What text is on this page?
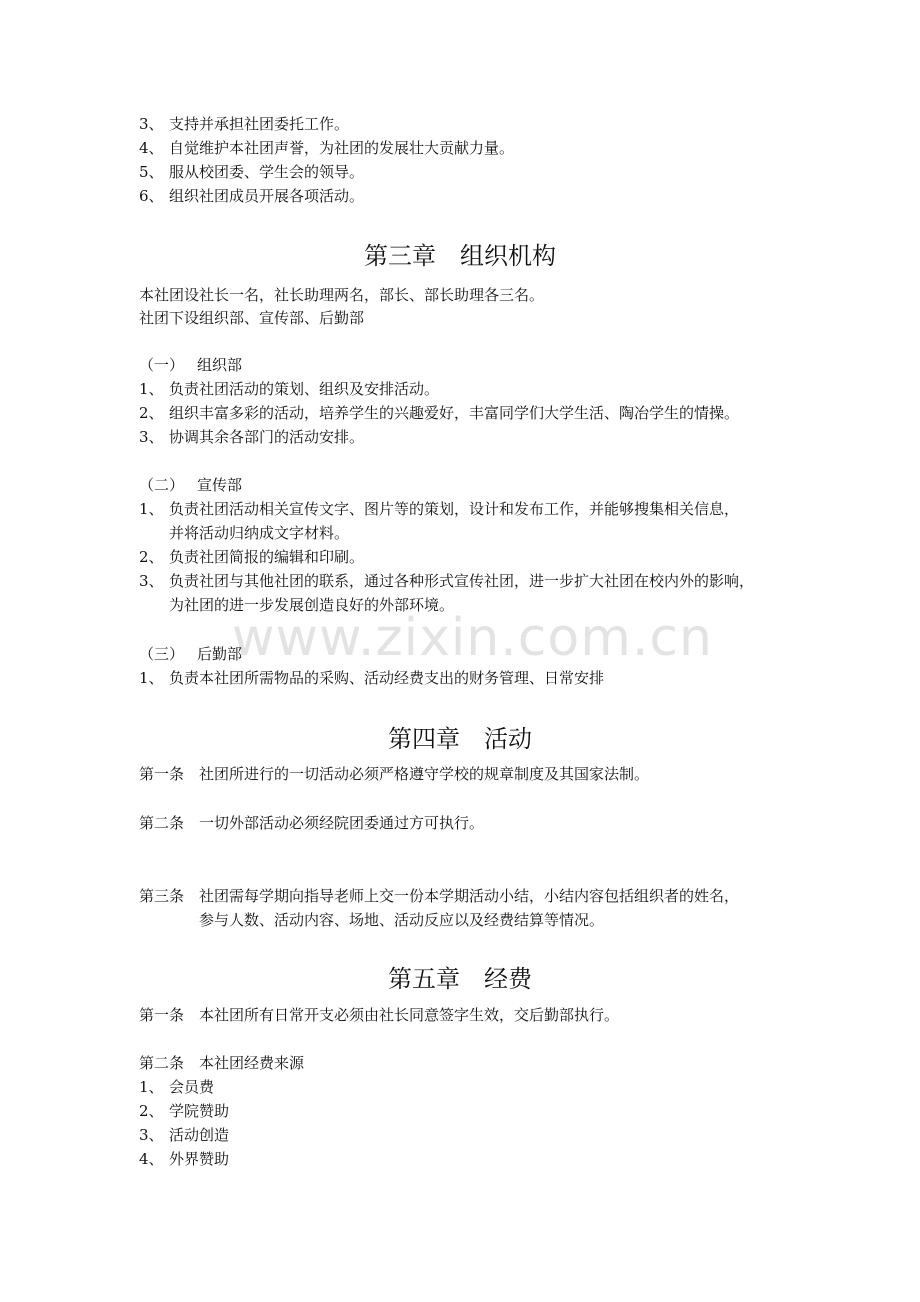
www.zixin.com.cn
3、 支持并承担社团委托工作。
4、 自觉维护本社团声誉，为社团的发展壮大贡献力量。
5、 服从校团委、学生会的领导。
6、 组织社团成员开展各项活动。
第三章 组织机构
本社团设社长一名，社长助理两名，部长、部长助理各三名。
社团下设组织部、宣传部、后勤部
（一） 组织部
1、 负责社团活动的策划、组织及安排活动。
2、 组织丰富多彩的活动，培养学生的兴趣爱好，丰富同学们大学生活、陶冶学生的情操。
3、 协调其余各部门的活动安排。
（二） 宣传部
1、 负责社团活动相关宣传文字、图片等的策划，设计和发布工作，并能够搜集相关信息，
并将活动归纳成文字材料。
2、 负责社团简报的编辑和印刷。
3、 负责社团与其他社团的联系，通过各种形式宣传社团，进一步扩大社团在校内外的影响，
为社团的进一步发展创造良好的外部环境。
（三） 后勤部
1、 负责本社团所需物品的采购、活动经费支出的财务管理、日常安排
第四章 活动
第一条 社团所进行的一切活动必须严格遵守学校的规章制度及其国家法制。
第二条 一切外部活动必须经院团委通过方可执行。
第三条 社团需每学期向指导老师上交一份本学期活动小结，小结内容包括组织者的姓名，
参与人数、活动内容、场地、活动反应以及经费结算等情况。
第五章 经费
第一条 本社团所有日常开支必须由社长同意签字生效，交后勤部执行。
第二条 本社团经费来源
1、 会员费
2、 学院赞助
3、 活动创造
4、 外界赞助
